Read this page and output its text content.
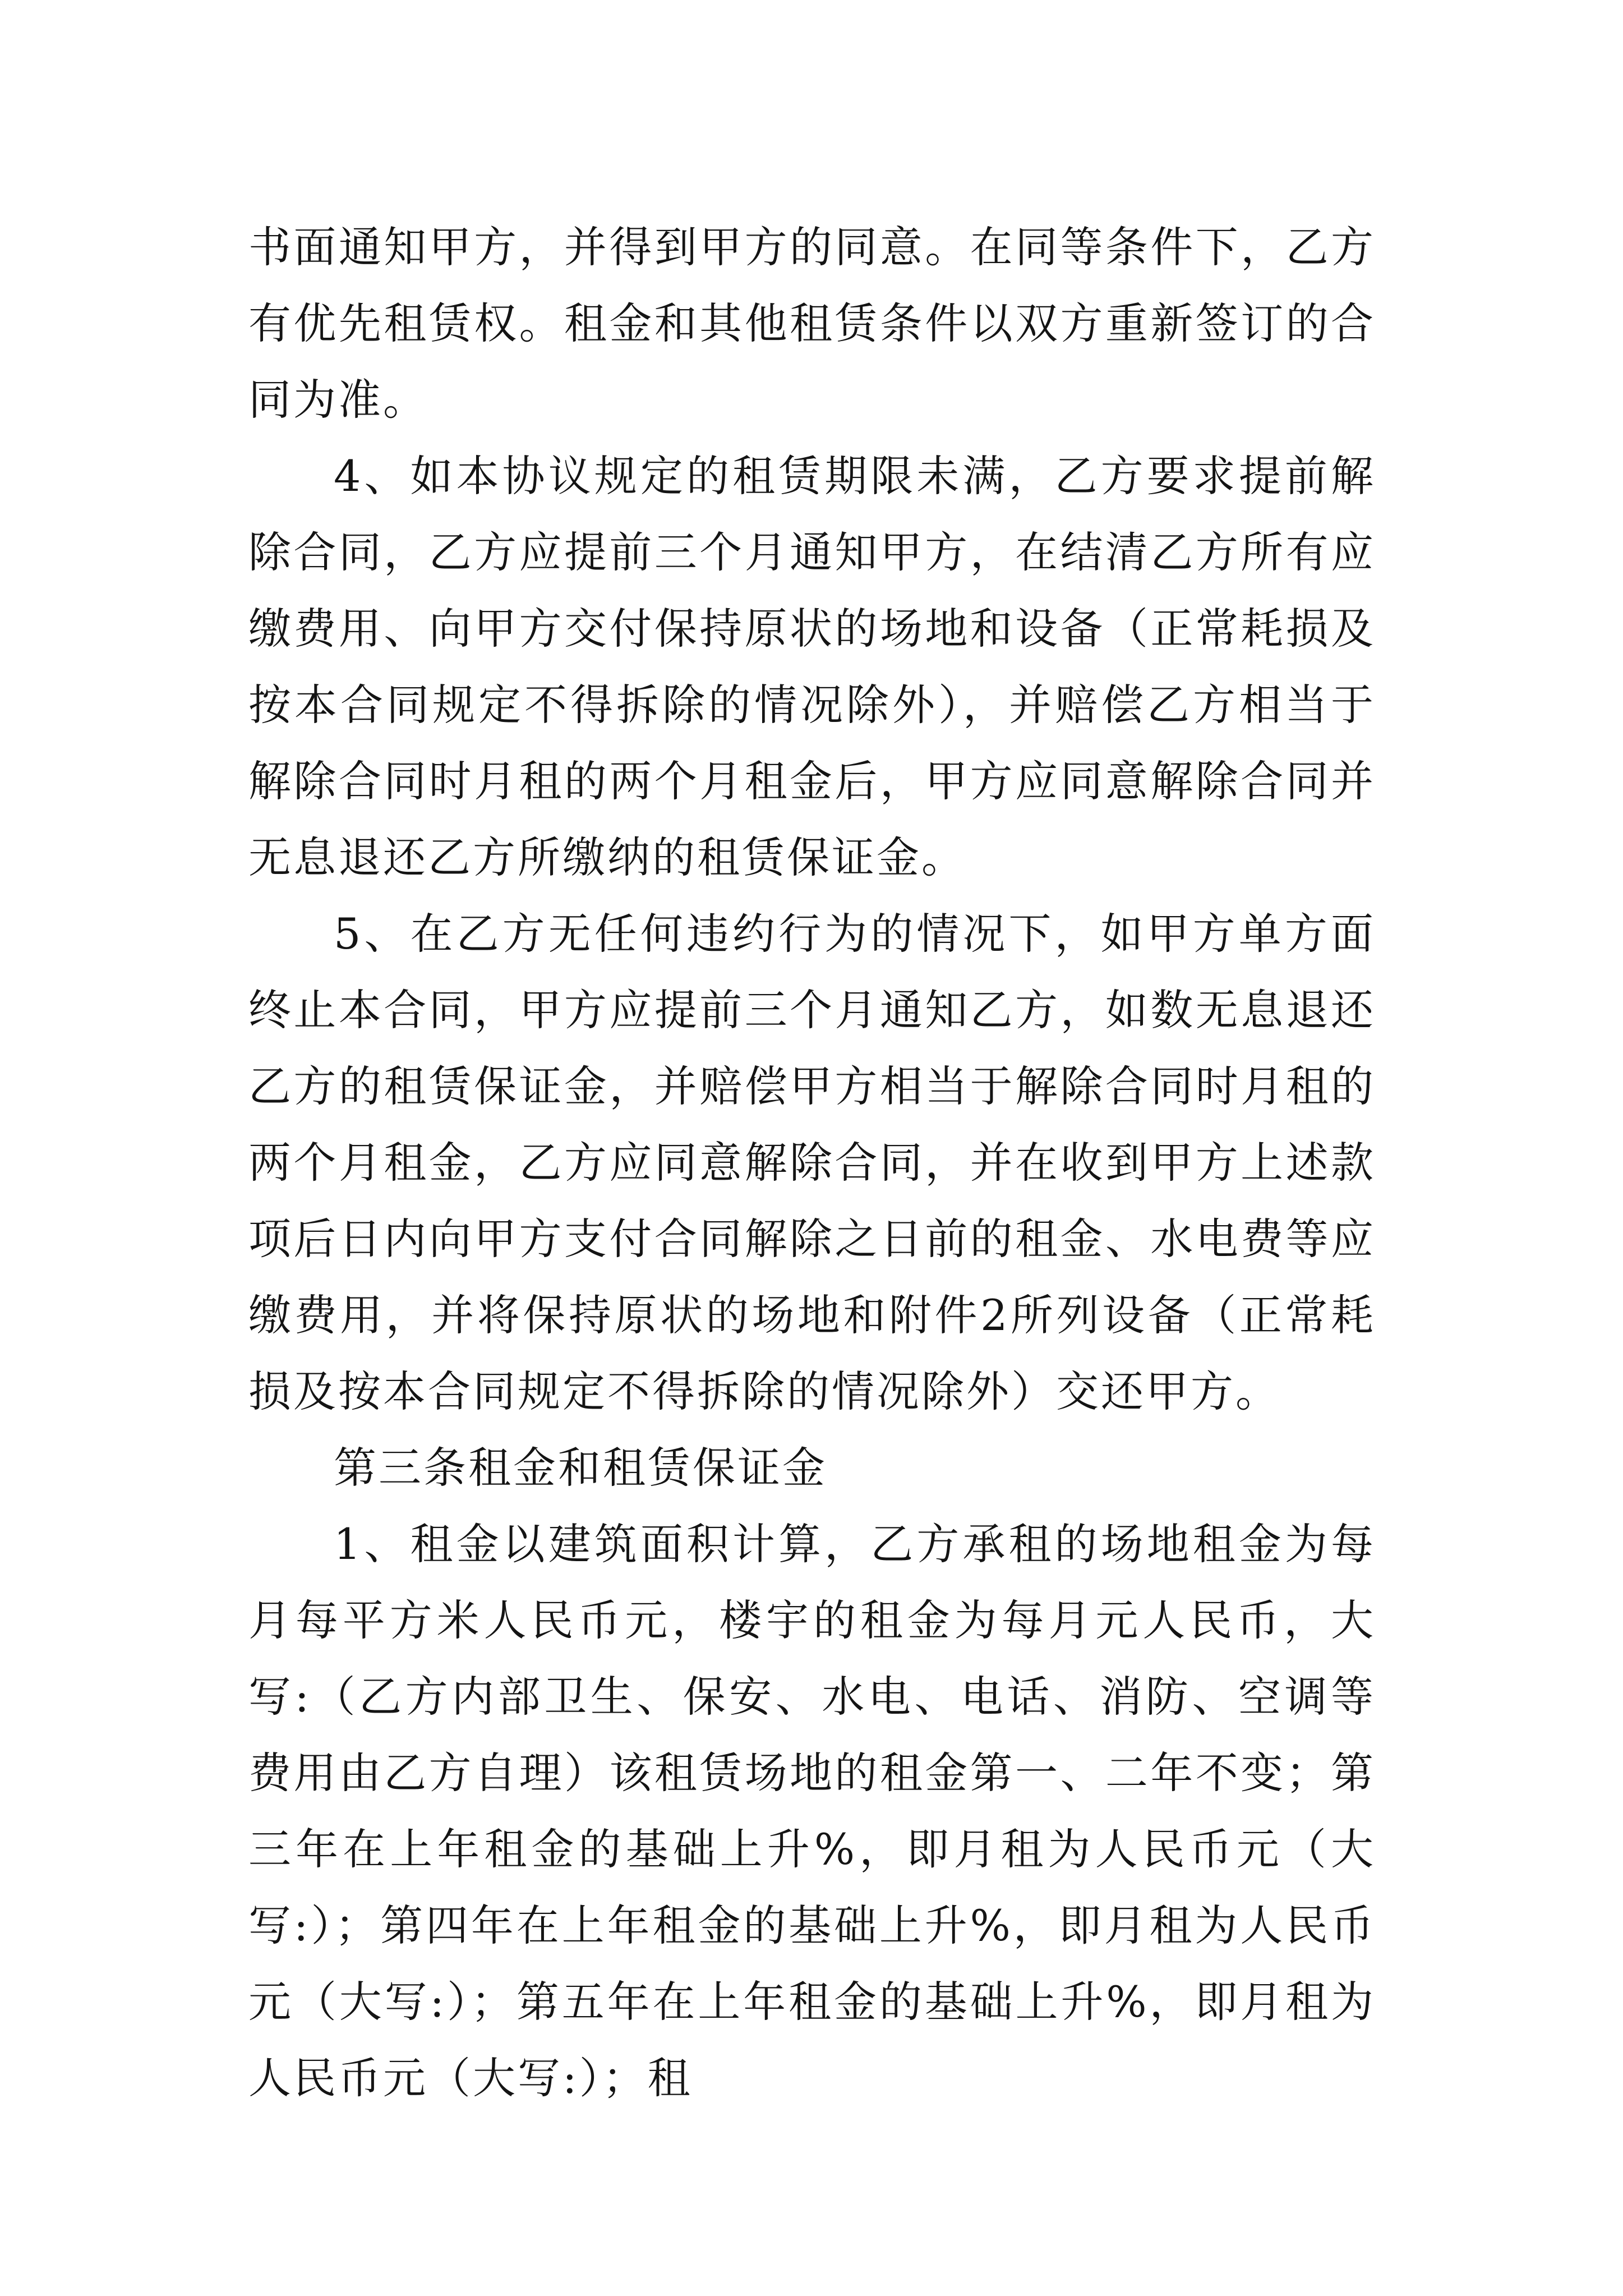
书面通知甲方，并得到甲方的同意。在同等条件下，乙方有优先租赁权。租金和其他租赁条件以双方重新签订的合同为准。

4、如本协议规定的租赁期限未满，乙方要求提前解除合同，乙方应提前三个月通知甲方，在结清乙方所有应缴费用、向甲方交付保持原状的场地和设备（正常耗损及按本合同规定不得拆除的情况除外），并赔偿乙方相当于解除合同时月租的两个月租金后，甲方应同意解除合同并无息退还乙方所缴纳的租赁保证金。

5、在乙方无任何违约行为的情况下，如甲方单方面终止本合同，甲方应提前三个月通知乙方，如数无息退还乙方的租赁保证金，并赔偿甲方相当于解除合同时月租的两个月租金，乙方应同意解除合同，并在收到甲方上述款项后日内向甲方支付合同解除之日前的租金、水电费等应缴费用，并将保持原状的场地和附件2所列设备（正常耗损及按本合同规定不得拆除的情况除外）交还甲方。

第三条租金和租赁保证金

1、租金以建筑面积计算，乙方承租的场地租金为每月每平方米人民币元，楼宇的租金为每月元人民币，大写:（乙方内部卫生、保安、水电、电话、消防、空调等费用由乙方自理）该租赁场地的租金第一、二年不变；第三年在上年租金的基础上升%，即月租为人民币元（大写:）；第四年在上年租金的基础上升%，即月租为人民币元（大写:）；第五年在上年租金的基础上升%，即月租为人民币元（大写:）；租
